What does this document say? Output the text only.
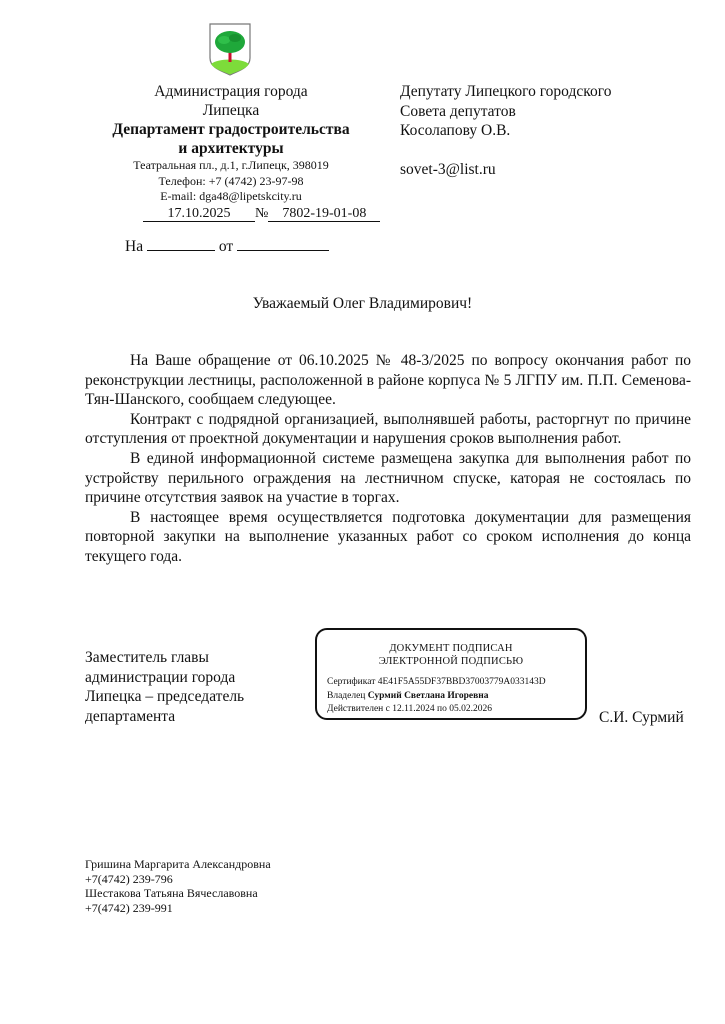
Администрация города
Липецка
Департамент градостроительства
и архитектуры
Театральная пл., д.1, г.Липецк, 398019
Телефон: +7 (4742) 23-97-98
E-mail: dga48@lipetskcity.ru
17.10.2025 № 7802-19-01-08
На	от
Депутату Липецкого городского
Совета депутатов
Косолапову О.В.
sovet-3@list.ru
Уважаемый Олег Владимирович!

На Ваше обращение от 06.10.2025 № 48-3/2025 по вопросу окончания работ по реконструкции лестницы, расположенной в районе корпуса № 5 ЛГПУ им. П.П. Семенова-Тян-Шанского, сообщаем следующее.

Контракт с подрядной организацией, выполнявшей работы, расторгнут по причине отступления от проектной документации и нарушения сроков выполнения работ.

В единой информационной системе размещена закупка для выполнения работ по устройству перильного ограждения на лестничном спуске, катоpая не состоялась по причине отсутствия заявок на участие в торгах.

В настоящее время осуществляется подготовка документации для размещения повторной закупки на выполнение указанных работ со сроком исполнения до конца текущего года.

Заместитель главы
администрации города
Липецка – председатель
департамента
ДОКУМЕНТ ПОДПИСАН
ЭЛЕКТРОННОЙ ПОДПИСЬЮ
Сертификат 4E41F5A55DF37BBD37003779A033143D
Владелец Сурмий Светлана Игоревна
Действителен с 12.11.2024 по 05.02.2026	С.И. Сурмий
Гришина Маргарита Александровна
+7(4742) 239-796
Шестакова Татьяна Вячеславовна
+7(4742) 239-991
